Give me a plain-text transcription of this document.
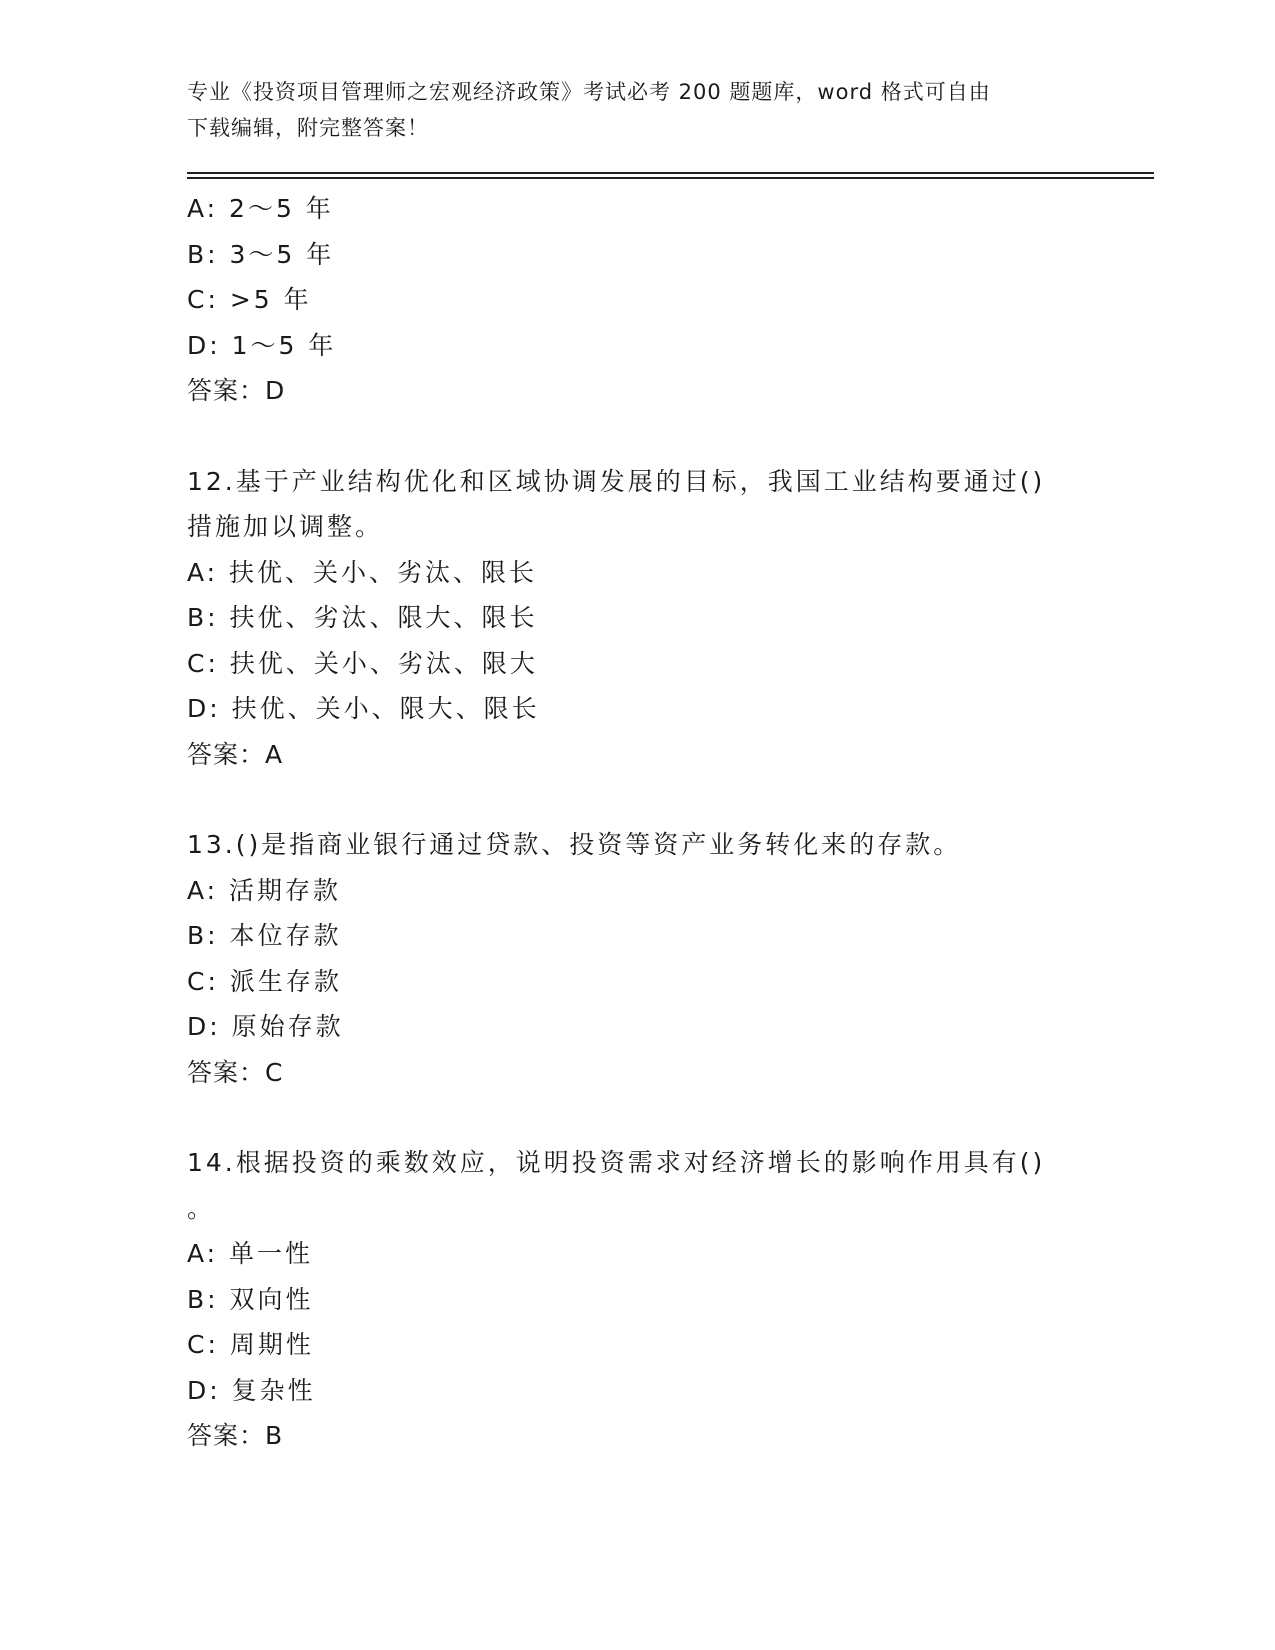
专业《投资项目管理师之宏观经济政策》考试必考 200 题题库，word 格式可自由
下载编辑，附完整答案！
A: 2～5 年
B: 3～5 年
C: >5 年
D: 1～5 年
答案：D
12.基于产业结构优化和区域协调发展的目标，我国工业结构要通过()
措施加以调整。
A: 扶优、关小、劣汰、限长
B: 扶优、劣汰、限大、限长
C: 扶优、关小、劣汰、限大
D: 扶优、关小、限大、限长
答案：A
13.()是指商业银行通过贷款、投资等资产业务转化来的存款。
A: 活期存款
B: 本位存款
C: 派生存款
D: 原始存款
答案：C
14.根据投资的乘数效应，说明投资需求对经济增长的影响作用具有()
。
A: 单一性
B: 双向性
C: 周期性
D: 复杂性
答案：B
